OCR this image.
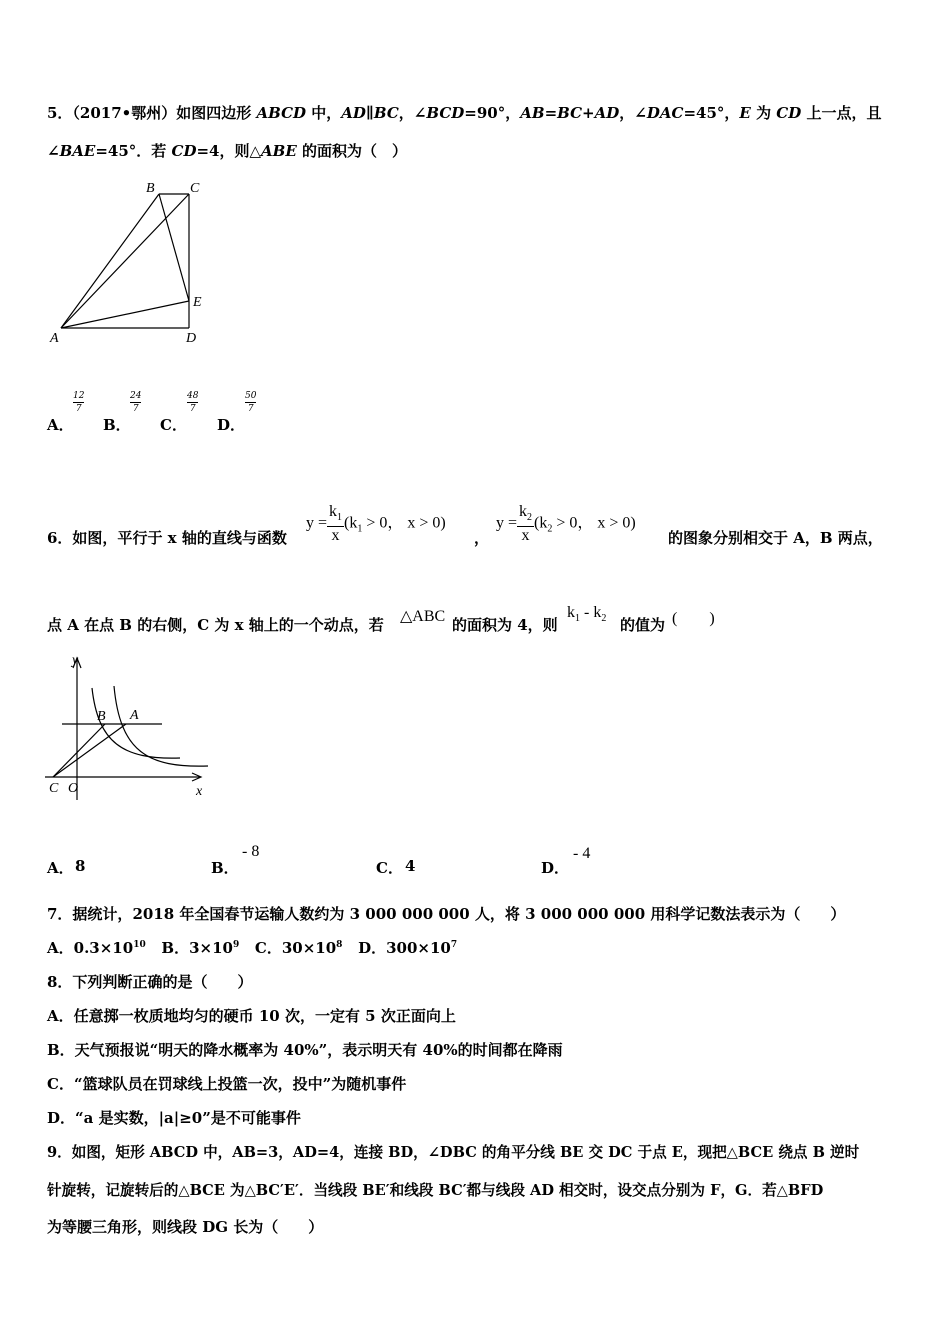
5．（2017•鄂州）如图四边形 ABCD 中，AD∥BC，∠BCD=90°，AB=BC+AD，∠DAC=45°，E 为 CD 上一点，且
∠BAE=45°．若 CD=4，则△ABE 的面积为（　）
B	C
E
A	D
A．
12
7
B．
24
7
C．
48
7
D．
50
7
6．如图，平行于 x 轴的直线与函数
$y = \frac{k_1}{x}(k_1 > 0$， x > 0)
，
$y = \frac{k_2}{x}(k_2 > 0$， x > 0)
的图象分别相交于 A，B 两点，
点 A 在点 B 的右侧，C 为 x 轴上的一个动点，若 △ABC 的面积为 4，则
$k_1 - k_2$ 的值为 (　　)
y
B A
C O	x
A． 8	B．
- 8
C． 4	D．
- 4
7．据统计，2018 年全国春节运输人数约为 3 000 000 000 人，将 3 000 000 000 用科学记数法表示为（　　）
A．$0.3\times 10^{10}$ B．$3\times 10^9$ C．$30\times 10^8$ D．$300\times 10^7$
8．下列判断正确的是（　　）
A．任意掷一枚质地均匀的硬币 10 次，一定有 5 次正面向上
B．天气预报说“明天的降水概率为 40%”，表示明天有 40%的时间都在降雨
C．“篮球队员在罚球线上投篮一次，投中”为随机事件
D．“a 是实数，|a|≥0”是不可能事件
9．如图，矩形 ABCD 中，AB=3，AD=4，连接 BD，∠DBC 的角平分线 BE 交 DC 于点 E，现把△BCE 绕点 B 逆时
针旋转，记旋转后的△BCE 为△BC′E′．当线段 BE′和线段 BC′都与线段 AD 相交时，设交点分别为 F，G．若△BFD
为等腰三角形，则线段 DG 长为（　　）
